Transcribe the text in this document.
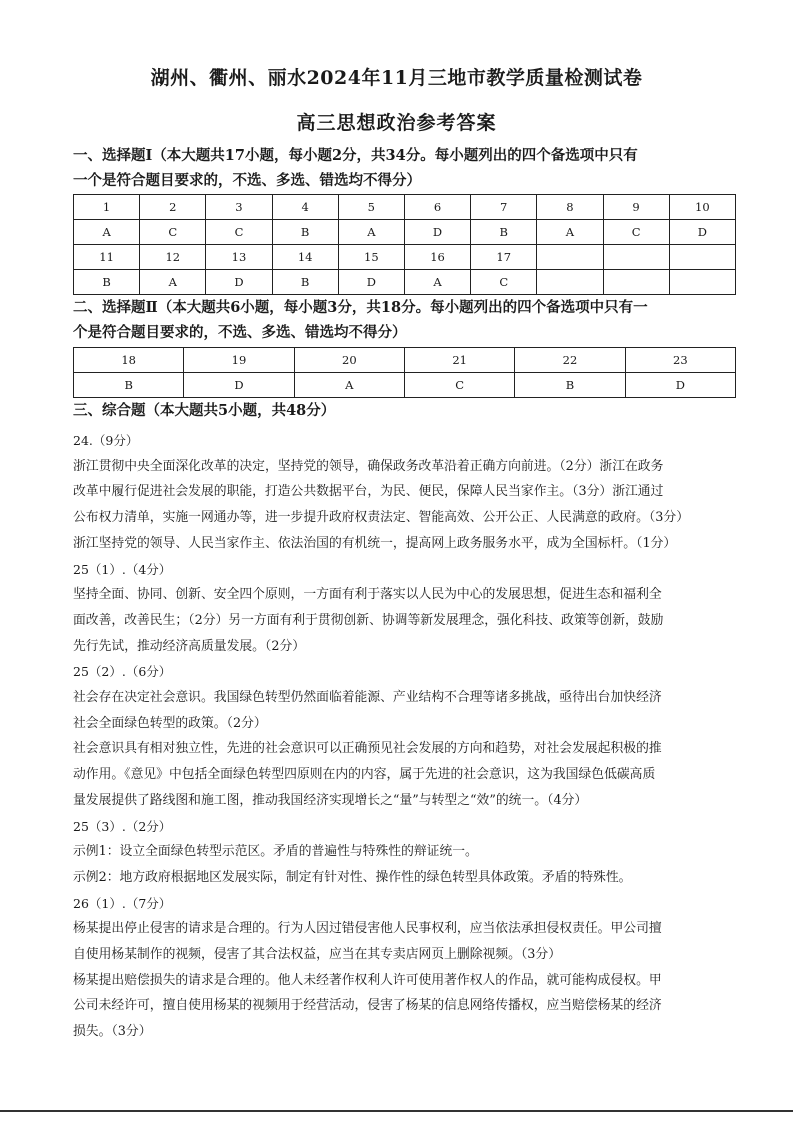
湖州、衢州、丽水2024年11月三地市教学质量检测试卷
高三思想政治参考答案
一、选择题Ⅰ（本大题共17小题，每小题2分，共34分。每小题列出的四个备选项中只有
一个是符合题目要求的，不选、多选、错选均不得分）
1	2	3	4	5	6	7	8	9	10
A	C	C	B	A	D	B	A	C	D
11	12	13	14	15	16	17			
B	A	D	B	D	A	C			
二、选择题Ⅱ（本大题共6小题，每小题3分，共18分。每小题列出的四个备选项中只有一
个是符合题目要求的，不选、多选、错选均不得分）
18	19	20	21	22	23
B	D	A	C	B	D
三、综合题（本大题共5小题，共48分）

24.（9分）

浙江贯彻中央全面深化改革的决定，坚持党的领导，确保政务改革沿着正确方向前进。（2分）浙江在政务

改革中履行促进社会发展的职能，打造公共数据平台，为民、便民，保障人民当家作主。（3分）浙江通过

公布权力清单，实施一网通办等，进一步提升政府权责法定、智能高效、公开公正、人民满意的政府。（3分）

浙江坚持党的领导、人民当家作主、依法治国的有机统一，提高网上政务服务水平，成为全国标杆。（1分）

25（1）.（4分）

坚持全面、协同、创新、安全四个原则，一方面有利于落实以人民为中心的发展思想，促进生态和福利全

面改善，改善民生；（2分）另一方面有利于贯彻创新、协调等新发展理念，强化科技、政策等创新，鼓励

先行先试，推动经济高质量发展。（2分）

25（2）.（6分）

社会存在决定社会意识。我国绿色转型仍然面临着能源、产业结构不合理等诸多挑战，亟待出台加快经济

社会全面绿色转型的政策。（2分）

社会意识具有相对独立性，先进的社会意识可以正确预见社会发展的方向和趋势，对社会发展起积极的推

动作用。《意见》中包括全面绿色转型四原则在内的内容，属于先进的社会意识，这为我国绿色低碳高质

量发展提供了路线图和施工图，推动我国经济实现增长之“量”与转型之“效”的统一。（4分）

25（3）.（2分）

示例1：设立全面绿色转型示范区。矛盾的普遍性与特殊性的辩证统一。

示例2：地方政府根据地区发展实际，制定有针对性、操作性的绿色转型具体政策。矛盾的特殊性。

26（1）.（7分）

杨某提出停止侵害的请求是合理的。行为人因过错侵害他人民事权利，应当依法承担侵权责任。甲公司擅

自使用杨某制作的视频，侵害了其合法权益，应当在其专卖店网页上删除视频。（3分）

杨某提出赔偿损失的请求是合理的。他人未经著作权利人许可使用著作权人的作品，就可能构成侵权。甲

公司未经许可，擅自使用杨某的视频用于经营活动，侵害了杨某的信息网络传播权，应当赔偿杨某的经济

损失。（3分）
